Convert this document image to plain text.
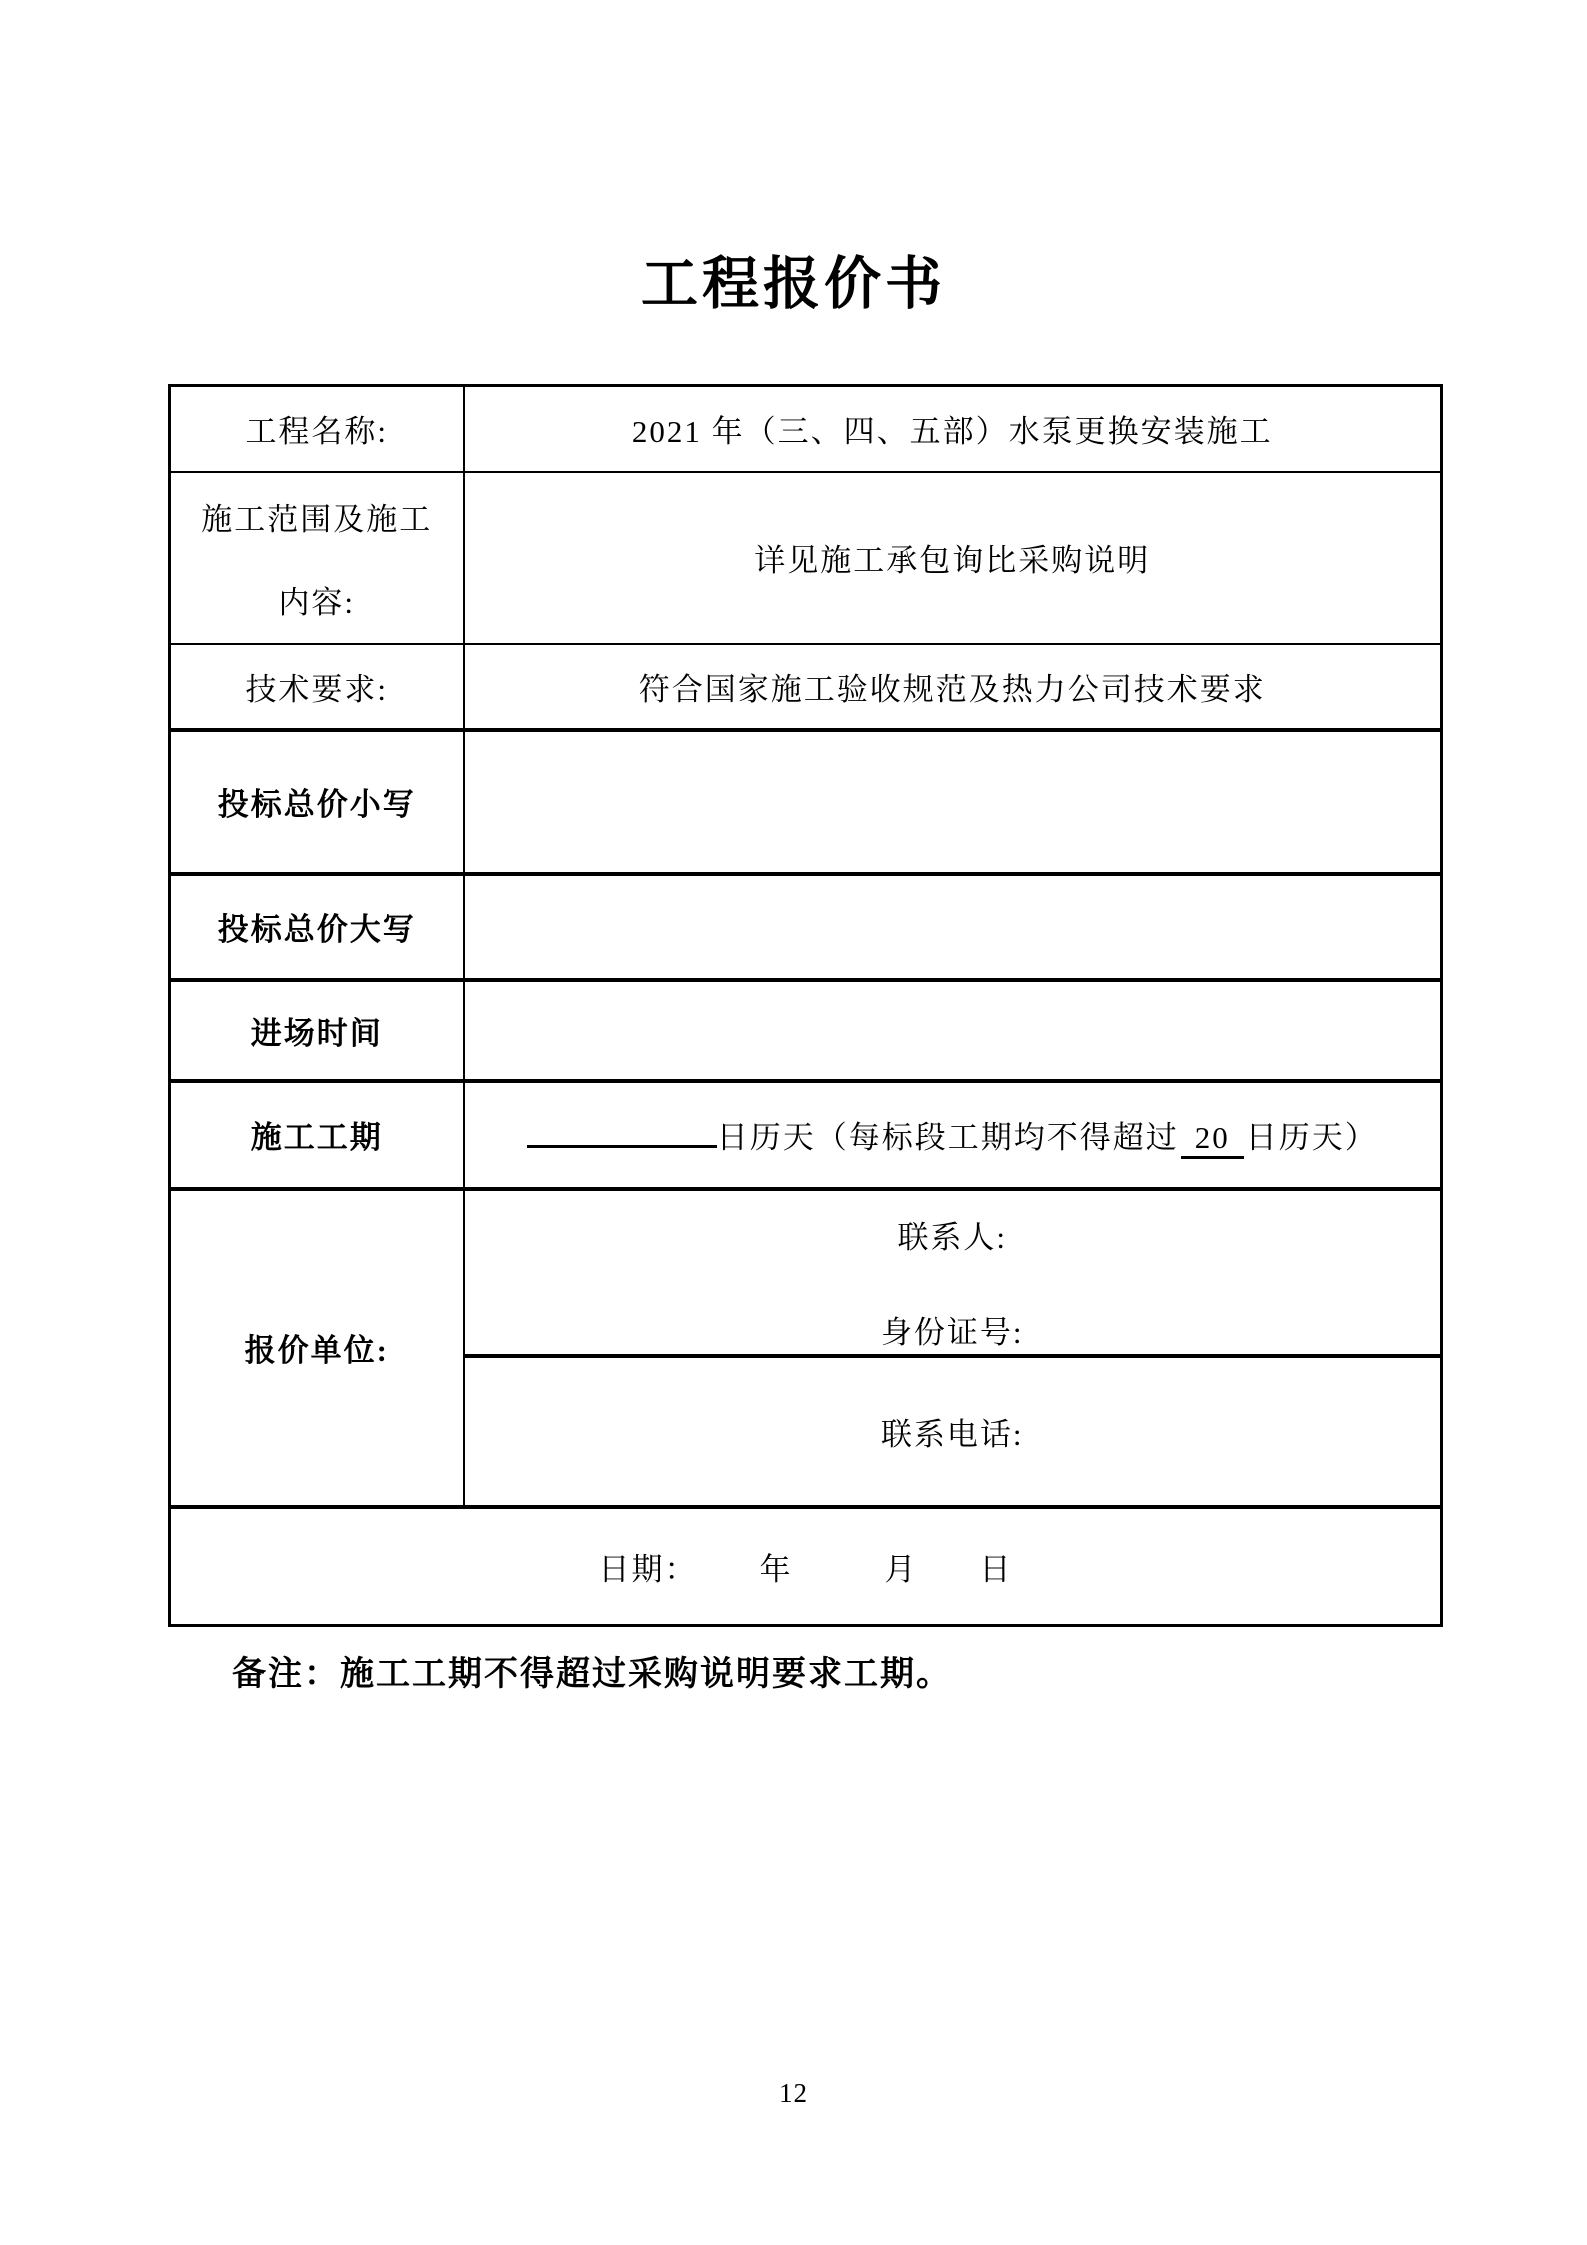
工程报价书
工程名称:	2021 年（三、四、五部）水泵更换安装施工

施工范围及施工
内容:	详见施工承包询比采购说明
技术要求:	符合国家施工验收规范及热力公司技术要求
投标总价小写	
投标总价大写	
进场时间	
施工工期	日历天（每标段工期均不得超过 20 日历天）
报价单位:	联系人:
身份证号:

	联系电话:
日期： 年 月 日	
备注：施工工期不得超过采购说明要求工期。
12
